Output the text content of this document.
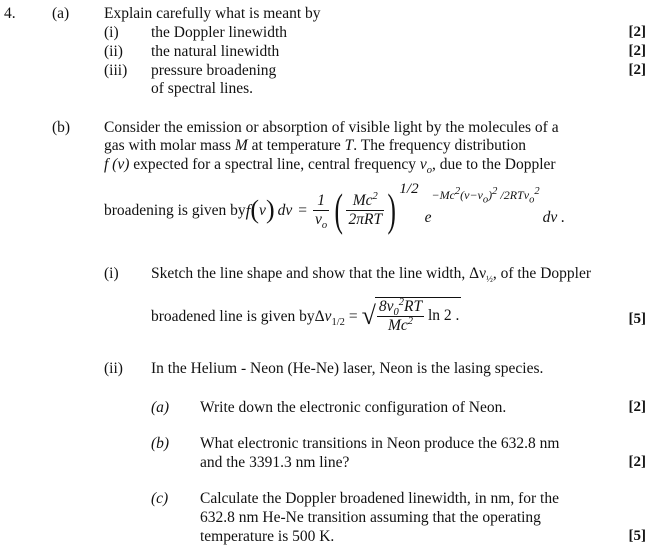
4. (a) Explain carefully what is meant by
(i) the Doppler linewidth	[2]
(ii) the natural linewidth	[2]
(iii) pressure broadening	[2]
of spectral lines.
(b) Consider the emission or absorption of visible light by the molecules of a
gas with molar mass M at temperature T. The frequency distribution
f (ν) expected for a spectral line, central frequency $\nu_o$, due to the Doppler
broadening is given by f ( ν ) $d\nu = \frac{1}{\nu_o}$ ( $\frac{Mc^2}{\text{2πRT}}$ ) 1/2
e
$-Mc^2(\nu-\nu_o)^2$ /2RTν$_o^2$
dν .
(i) Sketch the line shape and show that the line width, $\Delta\nu_{\frac{1}{2}}$, of the Doppler
broadened line is given by $\Delta\nu_{1/2}$ = √ $\frac{8\nu_0^2RT}{Mc^2}$ ln 2 .	[5]
(ii) In the Helium - Neon (He-Ne) laser, Neon is the lasing species.
(a) Write down the electronic configuration of Neon.	[2]
(b) What electronic transitions in Neon produce the 632.8 nm
and the 3391.3 nm line?	[2]
(c) Calculate the Doppler broadened linewidth, in nm, for the
632.8 nm He-Ne transition assuming that the operating
temperature is 500 K.	[5]
